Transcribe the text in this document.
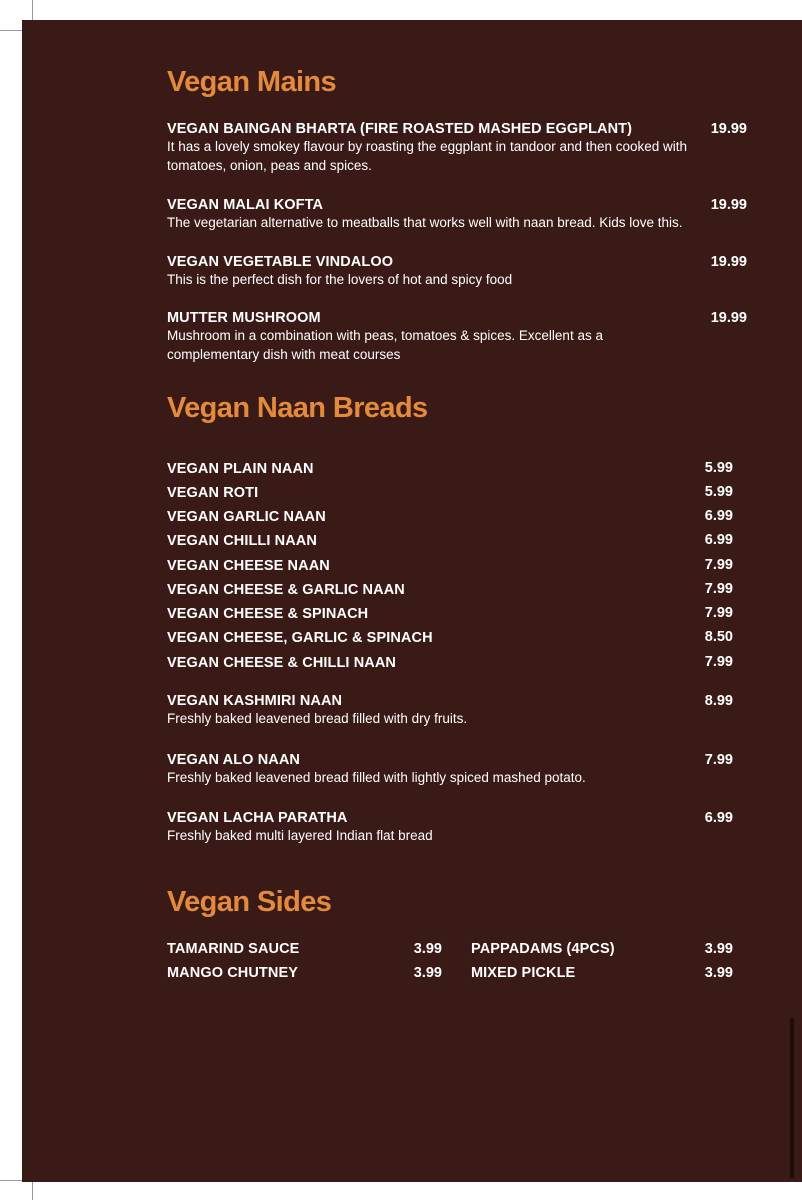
Vegan Mains
VEGAN BAINGAN BHARTA (FIRE ROASTED MASHED EGGPLANT)	19.99
It has a lovely smokey flavour by roasting the eggplant in tandoor and then cooked with tomatoes, onion, peas and spices.
VEGAN MALAI KOFTA	19.99
The vegetarian alternative to meatballs that works well with naan bread. Kids love this.
VEGAN VEGETABLE VINDALOO	19.99
This is the perfect dish for the lovers of hot and spicy food
MUTTER MUSHROOM	19.99
Mushroom in a combination with peas, tomatoes & spices. Excellent as a complementary dish with meat courses
Vegan Naan Breads
VEGAN PLAIN NAAN	5.99
VEGAN ROTI	5.99
VEGAN GARLIC NAAN	6.99
VEGAN CHILLI NAAN	6.99
VEGAN CHEESE NAAN	7.99
VEGAN CHEESE & GARLIC NAAN	7.99
VEGAN CHEESE & SPINACH	7.99
VEGAN CHEESE, GARLIC & SPINACH	8.50
VEGAN CHEESE & CHILLI NAAN	7.99
VEGAN KASHMIRI NAAN	8.99
Freshly baked leavened bread filled with dry fruits.
VEGAN ALO NAAN	7.99
Freshly baked leavened bread filled with lightly spiced mashed potato.
VEGAN LACHA PARATHA	6.99
Freshly baked multi layered Indian flat bread
Vegan Sides
TAMARIND SAUCE	3.99 PAPPADAMS (4PCS)	3.99
MANGO CHUTNEY	3.99 MIXED PICKLE	3.99
